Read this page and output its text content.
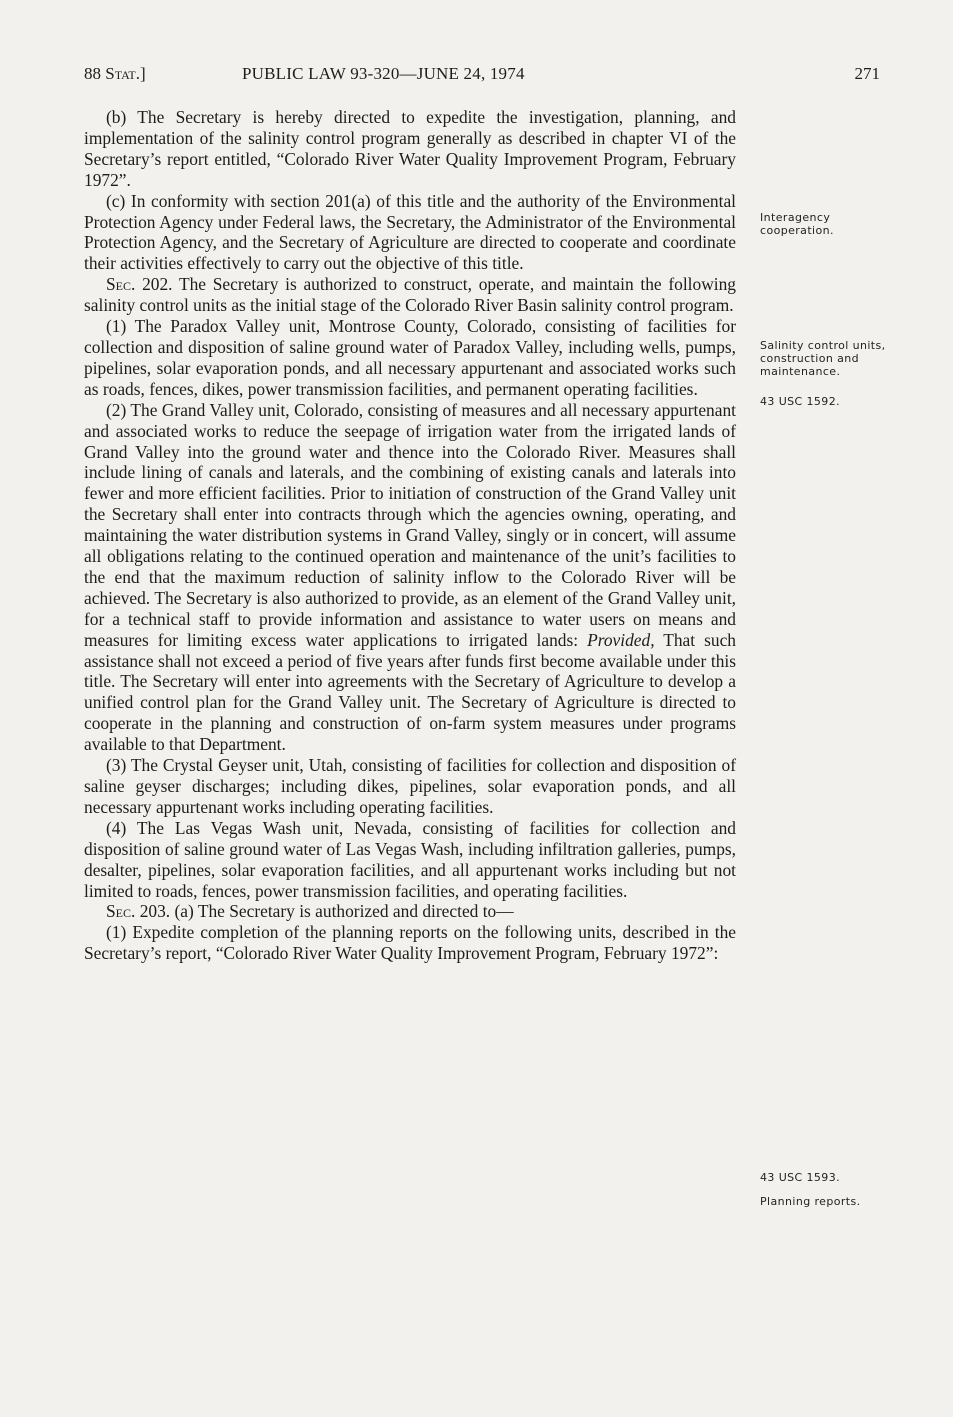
88 Stat.]	PUBLIC LAW 93-320—JUNE 24, 1974	271

(b) The Secretary is hereby directed to expedite the investigation, planning, and implementation of the salinity control program generally as described in chapter VI of the Secretary’s report entitled, “Colorado River Water Quality Improvement Program, February 1972”.

(c) In conformity with section 201(a) of this title and the authority of the Environmental Protection Agency under Federal laws, the Secretary, the Administrator of the Environmental Protection Agency, and the Secretary of Agriculture are directed to cooperate and coordinate their activities effectively to carry out the objective of this title.

Sec. 202. The Secretary is authorized to construct, operate, and maintain the following salinity control units as the initial stage of the Colorado River Basin salinity control program.

(1) The Paradox Valley unit, Montrose County, Colorado, consisting of facilities for collection and disposition of saline ground water of Paradox Valley, including wells, pumps, pipelines, solar evaporation ponds, and all necessary appurtenant and associated works such as roads, fences, dikes, power transmission facilities, and permanent operating facilities.

(2) The Grand Valley unit, Colorado, consisting of measures and all necessary appurtenant and associated works to reduce the seepage of irrigation water from the irrigated lands of Grand Valley into the ground water and thence into the Colorado River. Measures shall include lining of canals and laterals, and the combining of existing canals and laterals into fewer and more efficient facilities. Prior to initiation of construction of the Grand Valley unit the Secretary shall enter into contracts through which the agencies owning, operating, and maintaining the water distribution systems in Grand Valley, singly or in concert, will assume all obligations relating to the continued operation and maintenance of the unit’s facilities to the end that the maximum reduction of salinity inflow to the Colorado River will be achieved. The Secretary is also authorized to provide, as an element of the Grand Valley unit, for a technical staff to provide information and assistance to water users on means and measures for limiting excess water applications to irrigated lands: Provided, That such assistance shall not exceed a period of five years after funds first become available under this title. The Secretary will enter into agreements with the Secretary of Agriculture to develop a unified control plan for the Grand Valley unit. The Secretary of Agriculture is directed to cooperate in the planning and construction of on-farm system measures under programs available to that Department.

(3) The Crystal Geyser unit, Utah, consisting of facilities for collection and disposition of saline geyser discharges; including dikes, pipelines, solar evaporation ponds, and all necessary appurtenant works including operating facilities.

(4) The Las Vegas Wash unit, Nevada, consisting of facilities for collection and disposition of saline ground water of Las Vegas Wash, including infiltration galleries, pumps, desalter, pipelines, solar evaporation facilities, and all appurtenant works including but not limited to roads, fences, power transmission facilities, and operating facilities.

Sec. 203. (a) The Secretary is authorized and directed to—

(1) Expedite completion of the planning reports on the following units, described in the Secretary’s report, “Colorado River Water Quality Improvement Program, February 1972”:

Interagency cooperation.
Salinity control units, construction and maintenance.
43 USC 1592.
43 USC 1593.
Planning reports.
